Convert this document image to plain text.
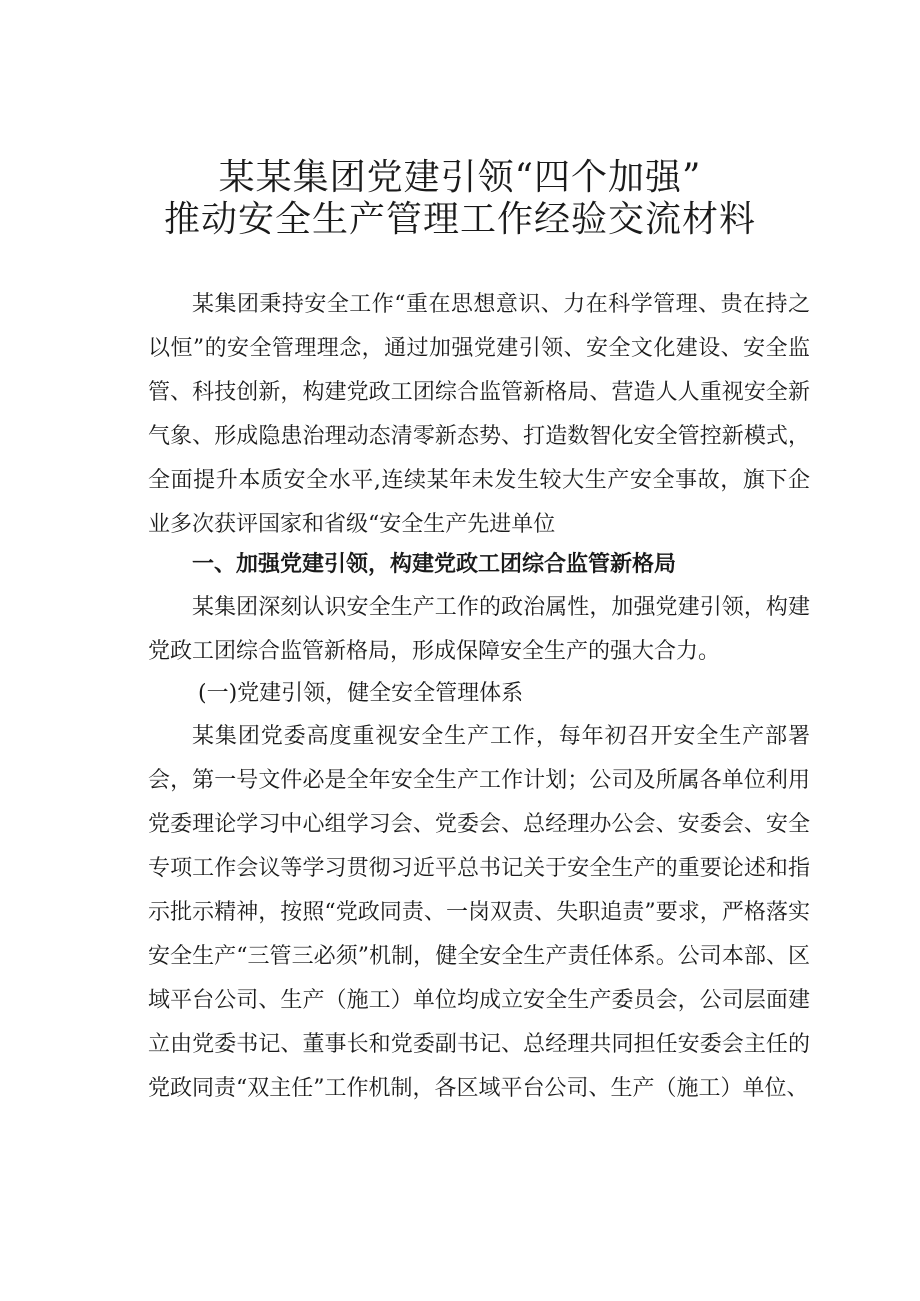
某某集团党建引领“四个加强”
推动安全生产管理工作经验交流材料

某集团秉持安全工作“重在思想意识、力在科学管理、贵在持之以恒”的安全管理理念，通过加强党建引领、安全文化建设、安全监管、科技创新，构建党政工团综合监管新格局、营造人人重视安全新气象、形成隐患治理动态清零新态势、打造数智化安全管控新模式，全面提升本质安全水平,连续某年未发生较大生产安全事故，旗下企业多次获评国家和省级“安全生产先进单位

一、加强党建引领，构建党政工团综合监管新格局

某集团深刻认识安全生产工作的政治属性，加强党建引领，构建党政工团综合监管新格局，形成保障安全生产的强大合力。

(一)党建引领，健全安全管理体系

某集团党委高度重视安全生产工作，每年初召开安全生产部署会，第一号文件必是全年安全生产工作计划；公司及所属各单位利用党委理论学习中心组学习会、党委会、总经理办公会、安委会、安全专项工作会议等学习贯彻习近平总书记关于安全生产的重要论述和指示批示精神，按照“党政同责、一岗双责、失职追责”要求，严格落实安全生产“三管三必须”机制，健全安全生产责任体系。公司本部、区域平台公司、生产（施工）单位均成立安全生产委员会，公司层面建立由党委书记、董事长和党委副书记、总经理共同担任安委会主任的党政同责“双主任”工作机制，各区域平台公司、生产（施工）单位、
